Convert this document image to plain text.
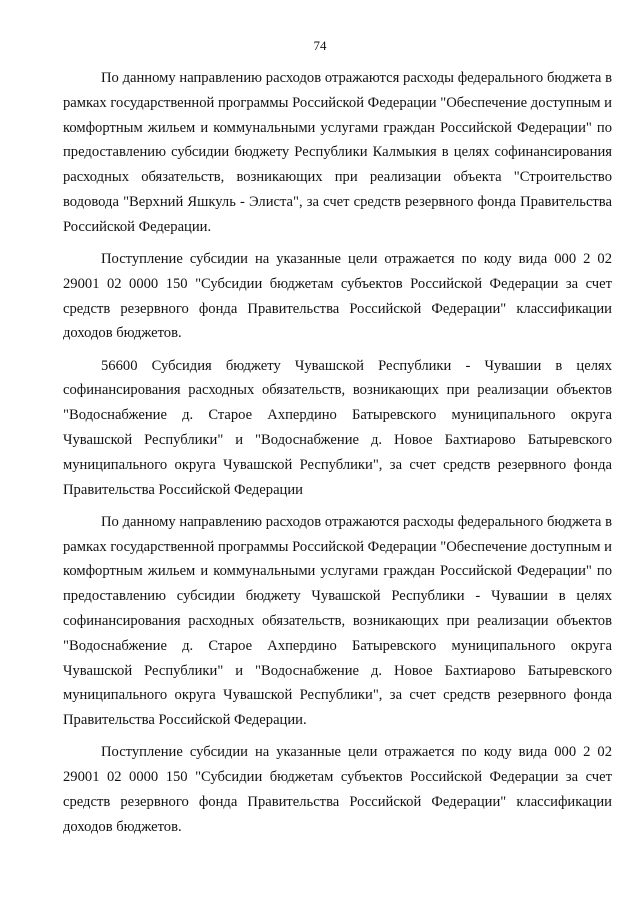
74

По данному направлению расходов отражаются расходы федерального бюджета в рамках государственной программы Российской Федерации "Обеспечение доступным и комфортным жильем и коммунальными услугами граждан Российской Федерации" по предоставлению субсидии бюджету Республики Калмыкия в целях софинансирования расходных обязательств, возникающих при реализации объекта "Строительство водовода "Верхний Яшкуль - Элиста", за счет средств резервного фонда Правительства Российской Федерации.

Поступление субсидии на указанные цели отражается по коду вида 000 2 02 29001 02 0000 150 "Субсидии бюджетам субъектов Российской Федерации за счет средств резервного фонда Правительства Российской Федерации" классификации доходов бюджетов.

56600 Субсидия бюджету Чувашской Республики - Чувашии в целях софинансирования расходных обязательств, возникающих при реализации объектов "Водоснабжение д. Старое Ахпердино Батыревского муниципального округа Чувашской Республики" и "Водоснабжение д. Новое Бахтиарово Батыревского муниципального округа Чувашской Республики", за счет средств резервного фонда Правительства Российской Федерации

По данному направлению расходов отражаются расходы федерального бюджета в рамках государственной программы Российской Федерации "Обеспечение доступным и комфортным жильем и коммунальными услугами граждан Российской Федерации" по предоставлению субсидии бюджету Чувашской Республики - Чувашии в целях софинансирования расходных обязательств, возникающих при реализации объектов "Водоснабжение д. Старое Ахпердино Батыревского муниципального округа Чувашской Республики" и "Водоснабжение д. Новое Бахтиарово Батыревского муниципального округа Чувашской Республики", за счет средств резервного фонда Правительства Российской Федерации.

Поступление субсидии на указанные цели отражается по коду вида 000 2 02 29001 02 0000 150 "Субсидии бюджетам субъектов Российской Федерации за счет средств резервного фонда Правительства Российской Федерации" классификации доходов бюджетов.
